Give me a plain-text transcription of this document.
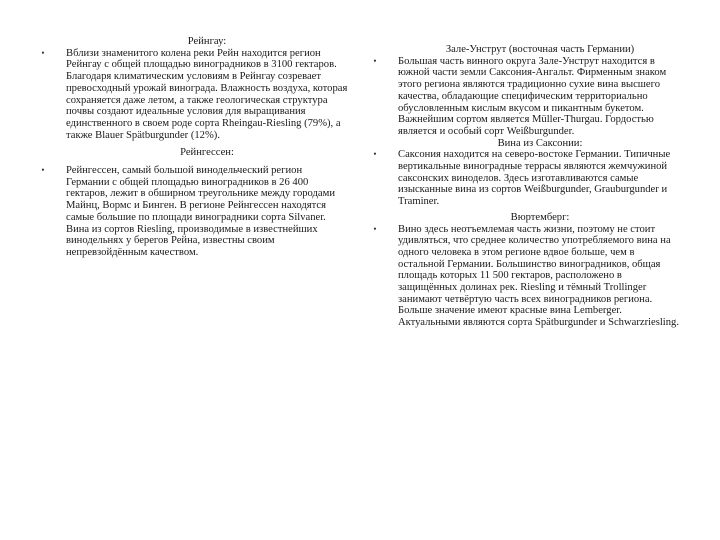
Рейнгау:

•	Вблизи знаменитого колена реки Рейн находится регион Рейнгау с общей площадью виноградников в 3100 гектаров. Благодаря климатическим условиям в Рейнгау созревает превосходный урожай винограда. Влажность воздуха, которая сохраняется даже летом, а также геологическая структура почвы создают идеальные условия для выращивания единственного в своем роде сорта Rheingau-Riesling (79%), а также Blauer Spätburgunder (12%).

Рейнгессен:

•	Рейнгессен, самый большой винодельческий регион Германии с общей площадью виноградников в 26 400 гектаров, лежит в обширном треугольнике между городами Майнц, Вормс и Бинген. В регионе Рейнгессен находятся самые большие по площади виноградники сорта Silvaner. Вина из сортов Riesling, производимые в известнейших винодельнях у берегов Рейна, известны своим непревзойдённым качеством.

Зале-Унструт (восточная часть Германии)

•	Большая часть винного округа Зале-Унструт находится в южной части земли Саксония-Ангальт. Фирменным знаком этого региона являются традиционно сухие вина высшего качества, обладающие специфическим территориально обусловленным кислым вкусом и пикантным букетом. Важнейшим сортом является Müller-Thurgau. Гордостью является и особый сорт Weißburgunder.

Вина из Саксонии:

•	Саксония находится на северо-востоке Германии. Типичные вертикальные виноградные террасы являются жемчужиной саксонских виноделов. Здесь изготавливаются самые изысканные вина из сортов Weißburgunder, Grauburgunder и Traminer.

Вюртемберг:

•	Вино здесь неотъемлемая часть жизни, поэтому не стоит удивляться, что среднее количество употребляемого вина на одного человека в этом регионе вдвое больше, чем в остальной Германии. Большинство виноградников, общая площадь которых 11 500 гектаров, расположено в защищённых долинах рек. Riesling и тёмный Trollinger занимают четвёртую часть всех виноградников региона. Больше значение имеют красные вина Lemberger. Актуальными являются сорта Spätburgunder и Schwarzriesling.
